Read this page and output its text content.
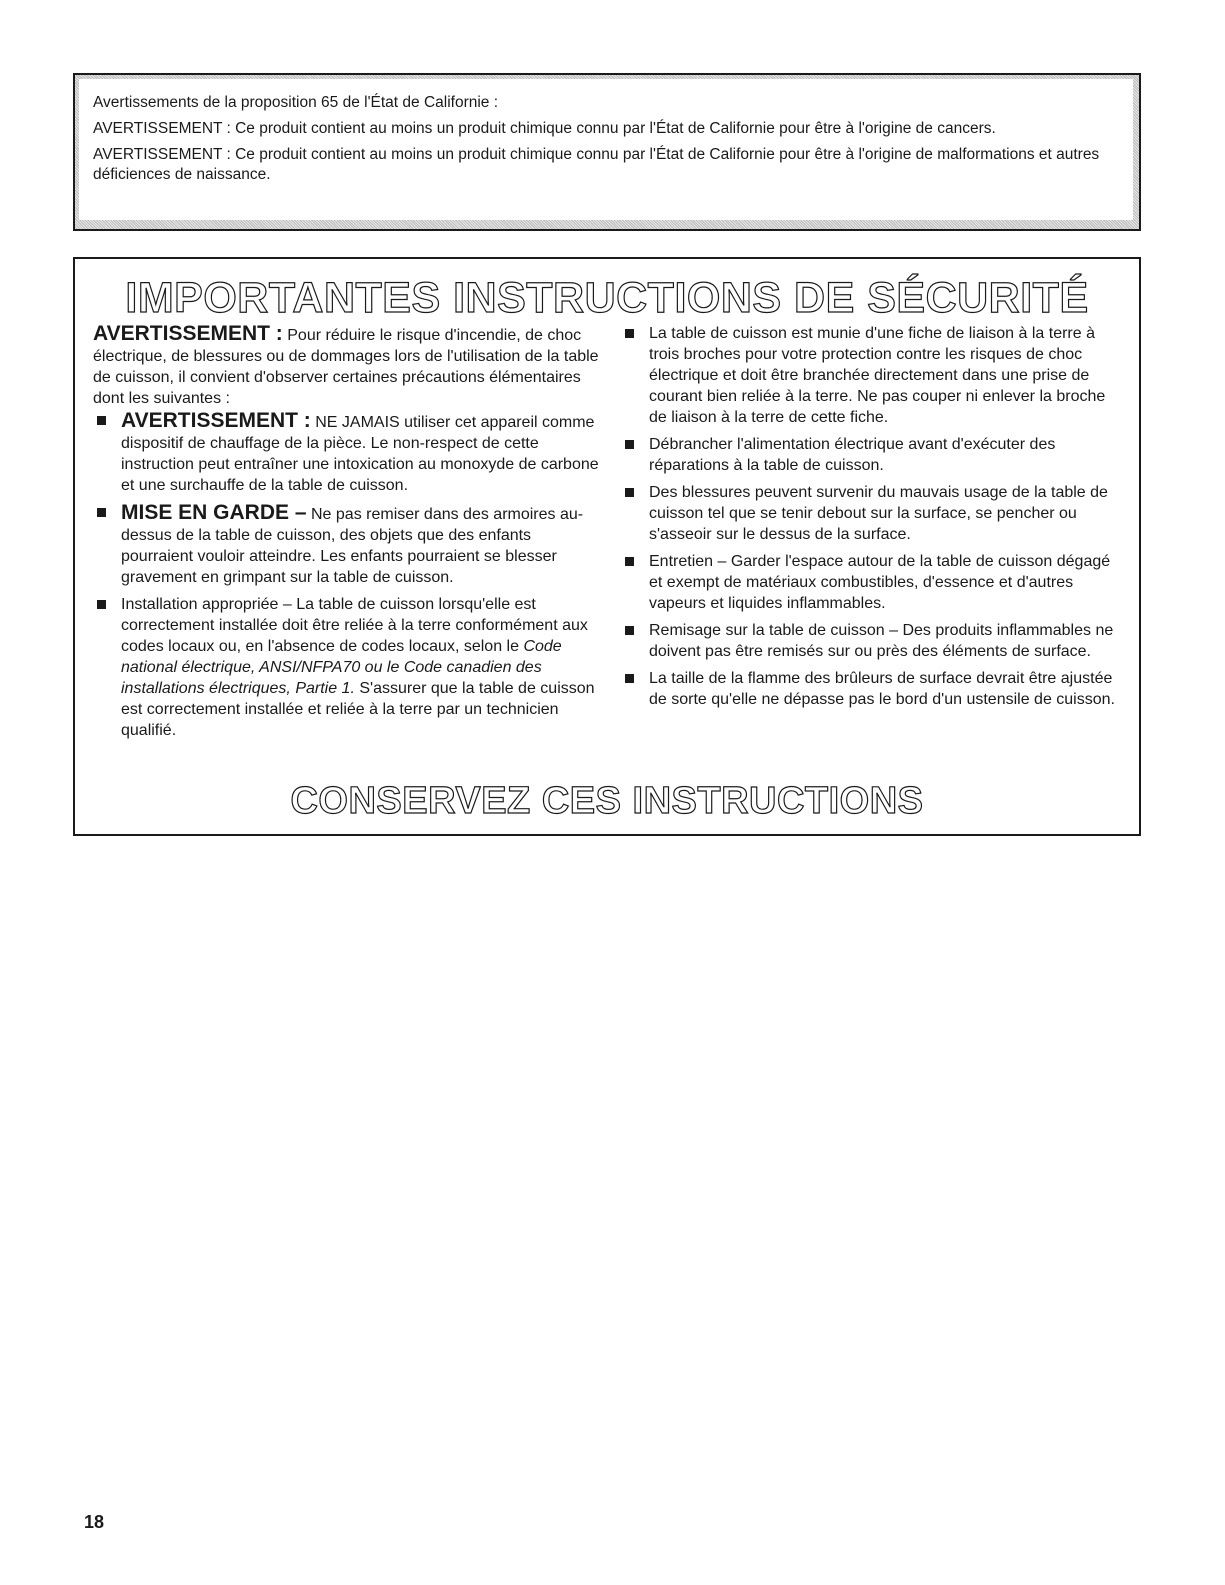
Avertissements de la proposition 65 de l'État de Californie :

AVERTISSEMENT : Ce produit contient au moins un produit chimique connu par l'État de Californie pour être à l'origine de cancers.

AVERTISSEMENT : Ce produit contient au moins un produit chimique connu par l'État de Californie pour être à l'origine de malformations et autres déficiences de naissance.

IMPORTANTES INSTRUCTIONS DE SÉCURITÉ

AVERTISSEMENT : Pour réduire le risque d'incendie, de choc électrique, de blessures ou de dommages lors de l'utilisation de la table de cuisson, il convient d'observer certaines précautions élémentaires dont les suivantes :

AVERTISSEMENT : NE JAMAIS utiliser cet appareil comme dispositif de chauffage de la pièce. Le non-respect de cette instruction peut entraîner une intoxication au monoxyde de carbone et une surchauffe de la table de cuisson.
MISE EN GARDE – Ne pas remiser dans des armoires au-dessus de la table de cuisson, des objets que des enfants pourraient vouloir atteindre. Les enfants pourraient se blesser gravement en grimpant sur la table de cuisson.
Installation appropriée – La table de cuisson lorsqu'elle est correctement installée doit être reliée à la terre conformément aux codes locaux ou, en l'absence de codes locaux, selon le Code national électrique, ANSI/NFPA70 ou le Code canadien des installations électriques, Partie 1. S'assurer que la table de cuisson est correctement installée et reliée à la terre par un technicien qualifié.
La table de cuisson est munie d'une fiche de liaison à la terre à trois broches pour votre protection contre les risques de choc électrique et doit être branchée directement dans une prise de courant bien reliée à la terre. Ne pas couper ni enlever la broche de liaison à la terre de cette fiche.
Débrancher l'alimentation électrique avant d'exécuter des réparations à la table de cuisson.
Des blessures peuvent survenir du mauvais usage de la table de cuisson tel que se tenir debout sur la surface, se pencher ou s'asseoir sur le dessus de la surface.
Entretien – Garder l'espace autour de la table de cuisson dégagé et exempt de matériaux combustibles, d'essence et d'autres vapeurs et liquides inflammables.
Remisage sur la table de cuisson – Des produits inflammables ne doivent pas être remisés sur ou près des éléments de surface.
La taille de la flamme des brûleurs de surface devrait être ajustée de sorte qu'elle ne dépasse pas le bord d'un ustensile de cuisson.
CONSERVEZ CES INSTRUCTIONS
18
